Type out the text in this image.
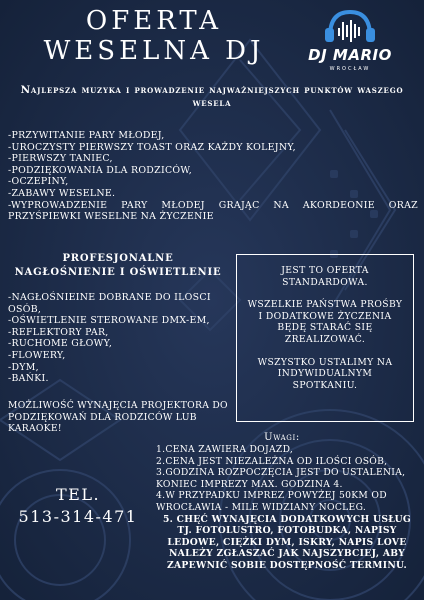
OFERTA
WESELNA DJ	DJ MARIO
WROCŁAW
Najlepsza muzyka i prowadzenie najważniejszych punktów waszego wesela
-PRZYWITANIE PARY MŁODEJ,
-UROCZYSTY PIERWSZY TOAST ORAZ KAŻDY KOLEJNY,
-PIERWSZY TANIEC,
-PODZIĘKOWANIA DLA RODZICÓW,
-OCZEPINY,
-ZABAWY WESELNE.
-WYPROWADZENIE PARY MŁODEJ GRAJĄC NA AKORDEONIE ORAZ PRZYŚPIEWKI WESELNE NA ŻYCZENIE
PROFESJONALNE
NAGŁOŚNIENIE I OŚWIETLENIE
-NAGŁOŚNIEINE DOBRANE DO ILOSCI OSÓB,
-OŚWIETLENIE STEROWANE DMX-EM,
-REFLEKTORY PAR,
-RUCHOME GŁOWY,
-FLOWERY,
-DYM,
-BAŃKI.
MOŻLIWOŚĆ WYNAJĘCIA PROJEKTORA DO PODZIĘKOWAŃ DLA RODZICÓW LUB KARAOKE!

JEST TO OFERTA STANDARDOWA.

WSZELKIE PAŃSTWA PROŚBY I DODATKOWE ŻYCZENIA BĘDĘ STARAĆ SIĘ ZREALIZOWAĆ.

WSZYSTKO USTALIMY NA INDYWIDUALNYM SPOTKANIU.

TEL.
513-314-471
Uwagi:
1.CENA ZAWIERA DOJAZD,
2.CENA JEST NIEZALEŻNA OD ILOŚCI OSÓB,
3.GODZINA ROZPOCZĘCIA JEST DO USTALENIA, KONIEC IMPREZY MAX. GODZINA 4.
4.W PRZYPADKU IMPREZ POWYŻEJ 50KM OD WROCŁAWIA - MILE WIDZIANY NOCLEG.
5. CHĘĆ WYNAJĘCIA DODATKOWYCH USŁUG TJ. FOTOLUSTRO, FOTOBUDKA, NAPISY LEDOWE, CIĘŻKI DYM, ISKRY, NAPIS LOVE NALEŻY ZGŁASZAĆ JAK NAJSZYBCIEJ, ABY ZAPEWNIĆ SOBIE DOSTĘPNOŚĆ TERMINU.
